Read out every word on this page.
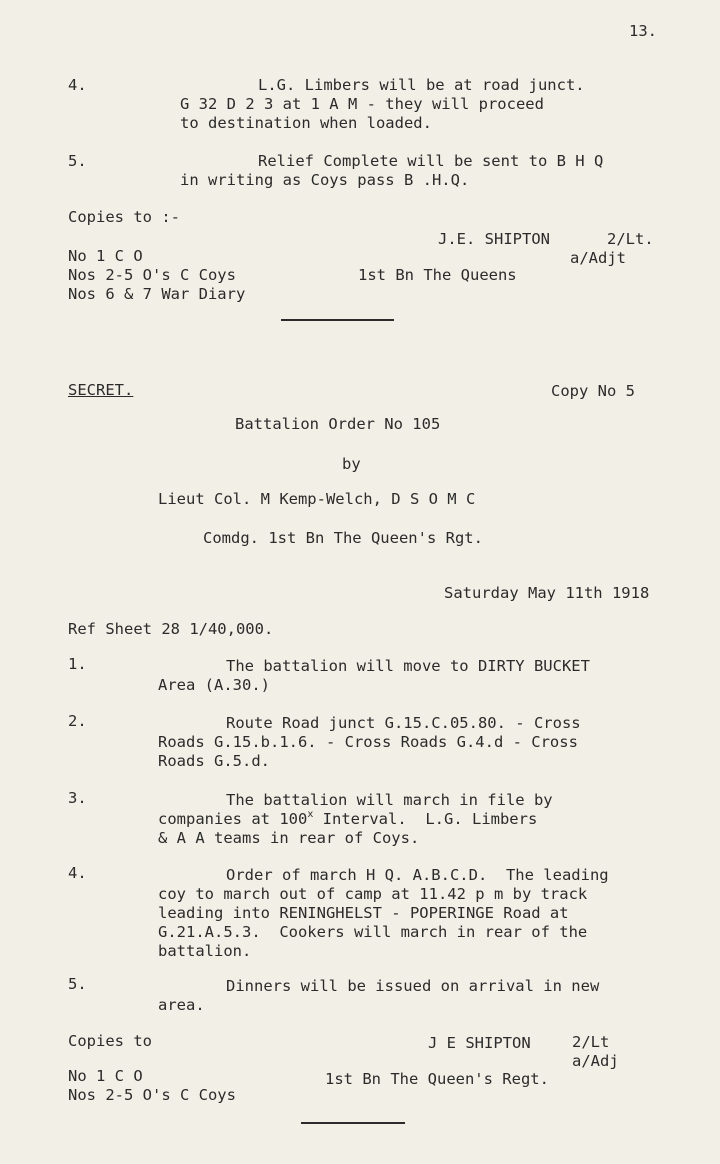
13.
4.	L.G. Limbers will be at road junct.
G 32 D 2 3 at 1 A M - they will proceed
to destination when loaded.
5.	Relief Complete will be sent to B H Q
in writing as Coys pass B .H.Q.
Copies to :-
J.E. SHIPTON	2/Lt.
a/Adjt
No 1 C O
Nos 2-5 O's C Coys	1st Bn The Queens
Nos 6 & 7 War Diary
SECRET.	Copy No 5
Battalion Order No 105
by
Lieut Col. M Kemp-Welch, D S O M C
Comdg. 1st Bn The Queen's Rgt.
Saturday May 11th 1918
Ref Sheet 28 1/40,000.
1.	The battalion will move to DIRTY BUCKET
Area (A.30.)
2.	Route Road junct G.15.C.05.80. - Cross
Roads G.15.b.1.6. - Cross Roads G.4.d - Cross
Roads G.5.d.
3.	The battalion will march in file by
companies at 100$^x$ Interval.  L.G. Limbers
& A A teams in rear of Coys.
4.	Order of march H Q. A.B.C.D.  The leading
coy to march out of camp at 11.42 p m by track
leading into RENINGHELST - POPERINGE Road at
G.21.A.5.3.  Cookers will march in rear of the
battalion.
5.	Dinners will be issued on arrival in new
area.
Copies to	J E SHIPTON	2/Lt
a/Adj
No 1 C O	1st Bn The Queen's Regt.
Nos 2-5 O's C Coys
